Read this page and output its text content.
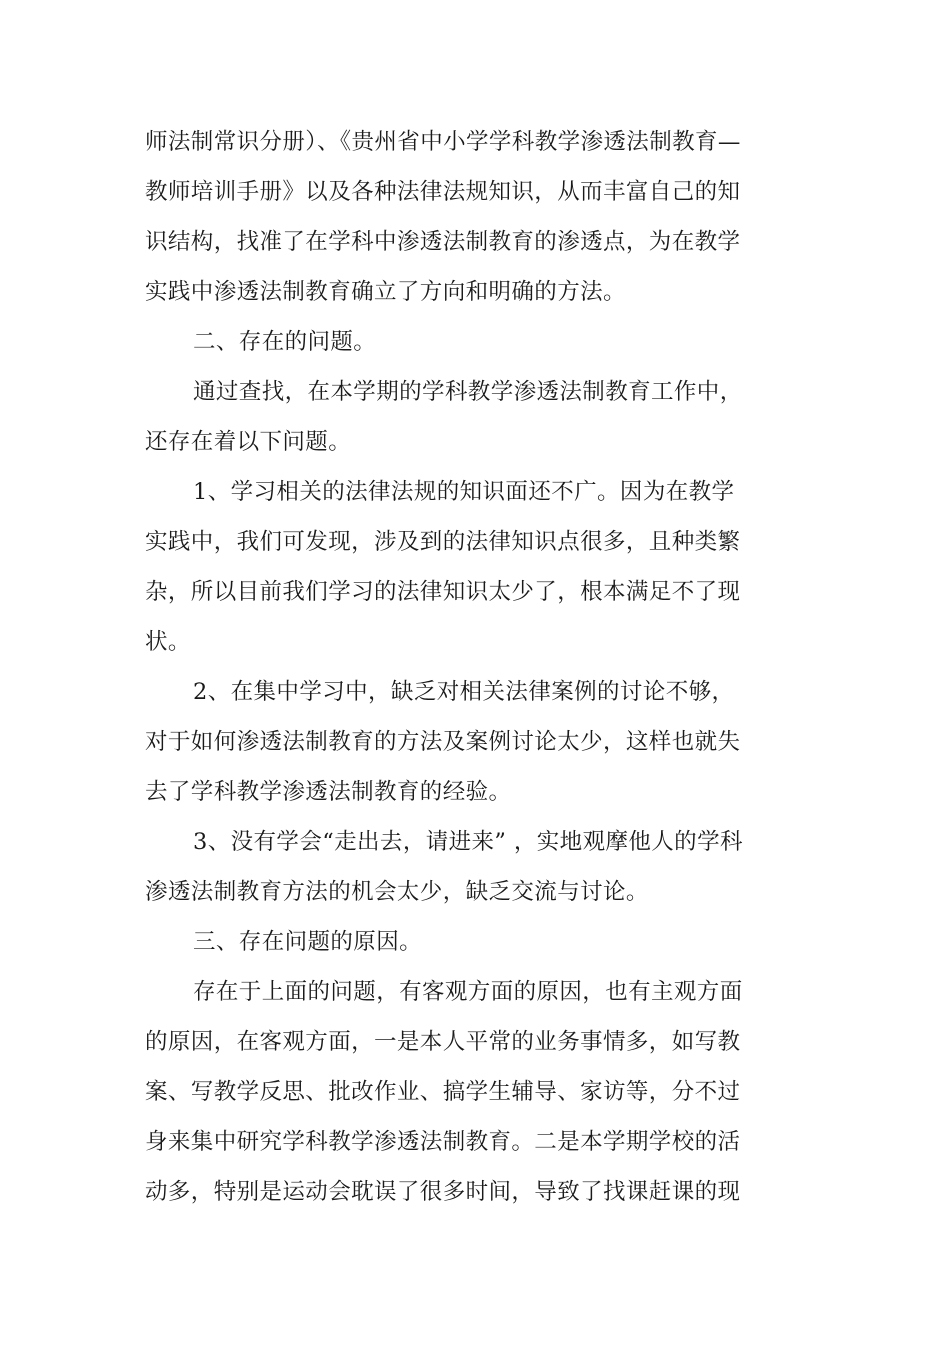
师法制常识分册）、《贵州省中小学学科教学渗透法制教育—
教师培训手册》以及各种法律法规知识，从而丰富自己的知
识结构，找准了在学科中渗透法制教育的渗透点，为在教学
实践中渗透法制教育确立了方向和明确的方法。
二、存在的问题。
通过查找，在本学期的学科教学渗透法制教育工作中，
还存在着以下问题。
1、学习相关的法律法规的知识面还不广。因为在教学
实践中，我们可发现，涉及到的法律知识点很多，且种类繁
杂，所以目前我们学习的法律知识太少了，根本满足不了现
状。
2、在集中学习中，缺乏对相关法律案例的讨论不够，
对于如何渗透法制教育的方法及案例讨论太少，这样也就失
去了学科教学渗透法制教育的经验。
3、没有学会“走出去，请进来” ，实地观摩他人的学科
渗透法制教育方法的机会太少，缺乏交流与讨论。
三、存在问题的原因。
存在于上面的问题，有客观方面的原因，也有主观方面
的原因，在客观方面，一是本人平常的业务事情多，如写教
案、写教学反思、批改作业、搞学生辅导、家访等，分不过
身来集中研究学科教学渗透法制教育。二是本学期学校的活
动多，特别是运动会耽误了很多时间，导致了找课赶课的现
